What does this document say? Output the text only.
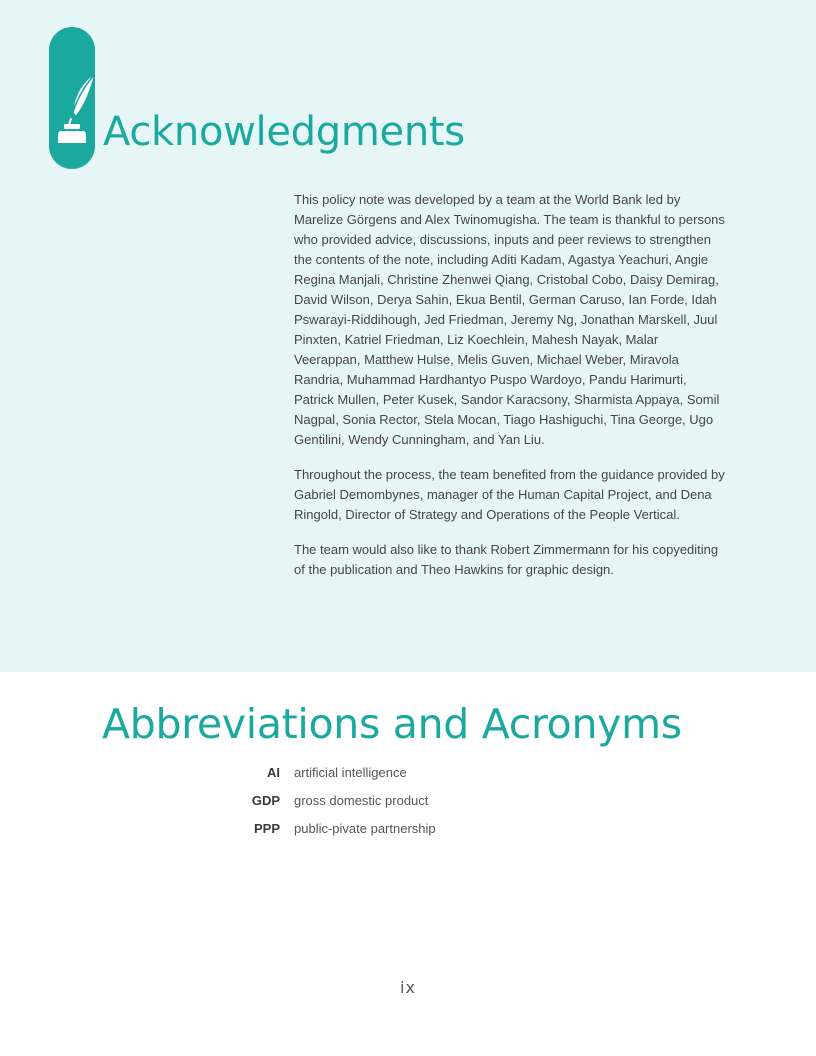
Acknowledgments

This policy note was developed by a team at the World Bank led by Marelize Görgens and Alex Twinomugisha. The team is thankful to persons who provided advice, discussions, inputs and peer reviews to strengthen the contents of the note, including Aditi Kadam, Agastya Yeachuri, Angie Regina Manjali, Christine Zhenwei Qiang, Cristobal Cobo, Daisy Demirag, David Wilson, Derya Sahin, Ekua Bentil, German Caruso, Ian Forde, Idah Pswarayi-Riddihough, Jed Friedman, Jeremy Ng, Jonathan Marskell, Juul Pinxten, Katriel Friedman, Liz Koechlein, Mahesh Nayak, Malar Veerappan, Matthew Hulse, Melis Guven, Michael Weber, Miravola Randria, Muhammad Hardhantyo Puspo Wardoyo, Pandu Harimurti, Patrick Mullen, Peter Kusek, Sandor Karacsony, Sharmista Appaya, Somil Nagpal, Sonia Rector, Stela Mocan, Tiago Hashiguchi, Tina George, Ugo Gentilini, Wendy Cunningham, and Yan Liu.

Throughout the process, the team benefited from the guidance provided by Gabriel Demombynes, manager of the Human Capital Project, and Dena Ringold, Director of Strategy and Operations of the People Vertical.

The team would also like to thank Robert Zimmermann for his copyediting of the publication and Theo Hawkins for graphic design.

Abbreviations and Acronyms
AI	artificial intelligence
GDP	gross domestic product
PPP	public-pivate partnership
ix
